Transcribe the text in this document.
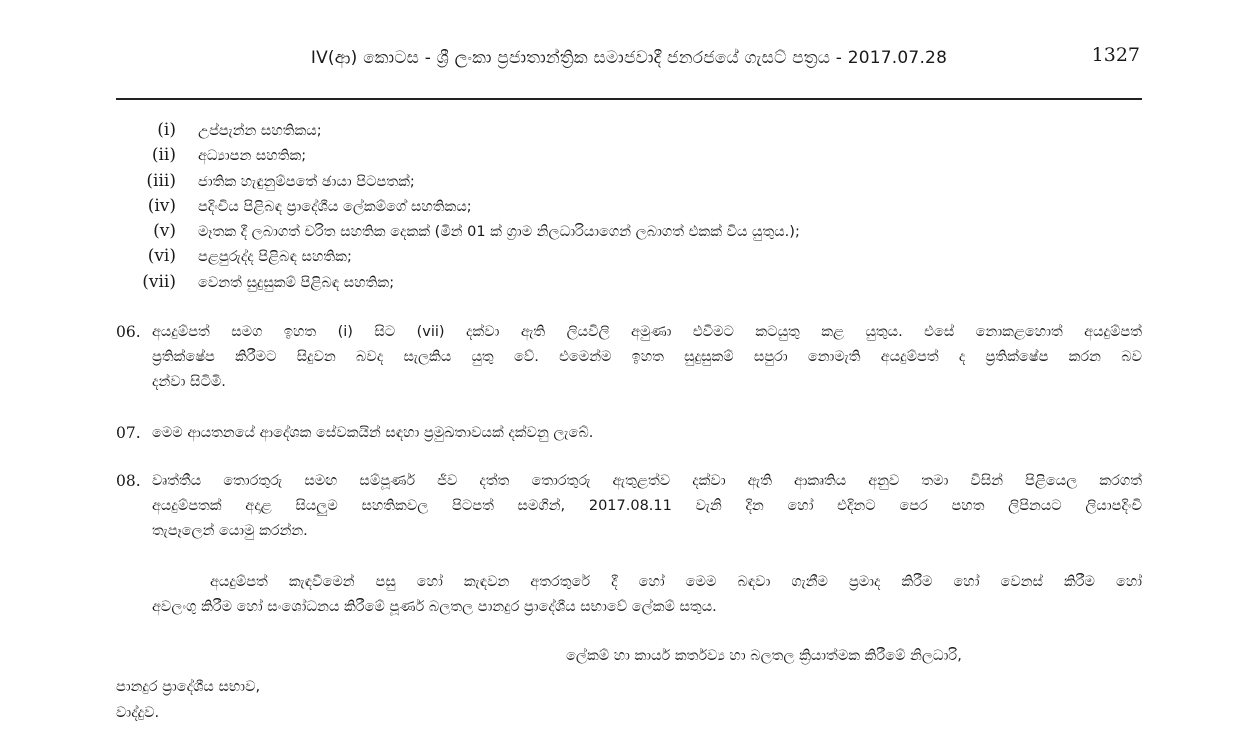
IV(ආ) කොටස - ශ්‍රී ලංකා ප්‍රජාතාන්ත්‍රික සමාජවාදී ජනරජයේ ගැසට් පත්‍රය - 2017.07.28	1327
(i) උප්පැන්න සහතිකය;
(ii) අධ්‍යාපන සහතික;
(iii) ජාතික හැඳුනුම්පතේ ඡායා පිටපතක්;
(iv) පදිංචිය පිළිබඳ ප්‍රාදේශීය ලේකම්ගේ සහතිකය;
(v) මෑතක දී ලබාගත් චරිත සහතික දෙකක් (මින් 01 ක් ග්‍රාම නිලධාරියාගෙන් ලබාගත් එකක් විය යුතුය.);
(vi) පළපුරුද්ද පිළිබඳ සහතික;
(vii) වෙනත් සුදුසුකම් පිළිබඳ සහතික;
06. අයදුම්පත් සමග ඉහත (i) සිට (vii) දක්වා ඇති ලියවිලි අමුණා එවීමට කටයුතු කළ යුතුය. එසේ නොකළහොත් අයදුම්පත්
ප්‍රතික්ෂේප කිරීමට සිදුවන බවද සැලකිය යුතු වේ. එමෙන්ම ඉහත සුදුසුකම් සපුරා නොමැති අයදුම්පත් ද ප්‍රතික්ෂේප කරන බව
දන්වා සිටිමි.
07. මෙම ආයතනයේ ආදේශක සේවකයින් සඳහා ප්‍රමුඛතාවයක් දක්වනු ලැබේ.
08. වෘත්තීය තොරතුරු සමඟ සම්පූර්ණ ජීව දත්ත තොරතුරු ඇතුළත්ව දක්වා ඇති ආකෘතිය අනුව තමා විසින් පිළියෙල කරගත්
අයදුම්පතක් අදාළ සියලුම සහතිකවල පිටපත් සමගින්, 2017.08.11 වැනි දින හෝ එදිනට පෙර පහත ලිපිනයට ලියාපදිංචි
තැපෑලෙන් යොමු කරන්න.
අයදුම්පත් කැඳවීමෙන් පසු හෝ කැඳවන අතරතුරේ දී හෝ මෙම බඳවා ගැනීම ප්‍රමාද කිරීම හෝ වෙනස් කිරීම හෝ
අවලංගු කිරීම හෝ සංශෝධනය කිරීමේ පූර්ණ බලතල පානදුර ප්‍රාදේශීය සභාවේ ලේකම් සතුය.
ලේකම් හා කාර්ය කර්තව්‍ය හා බලතල ක්‍රියාත්මක කිරීමේ නිලධාරි,
පානදුර ප්‍රාදේශීය සභාව,
වාද්දුව.
